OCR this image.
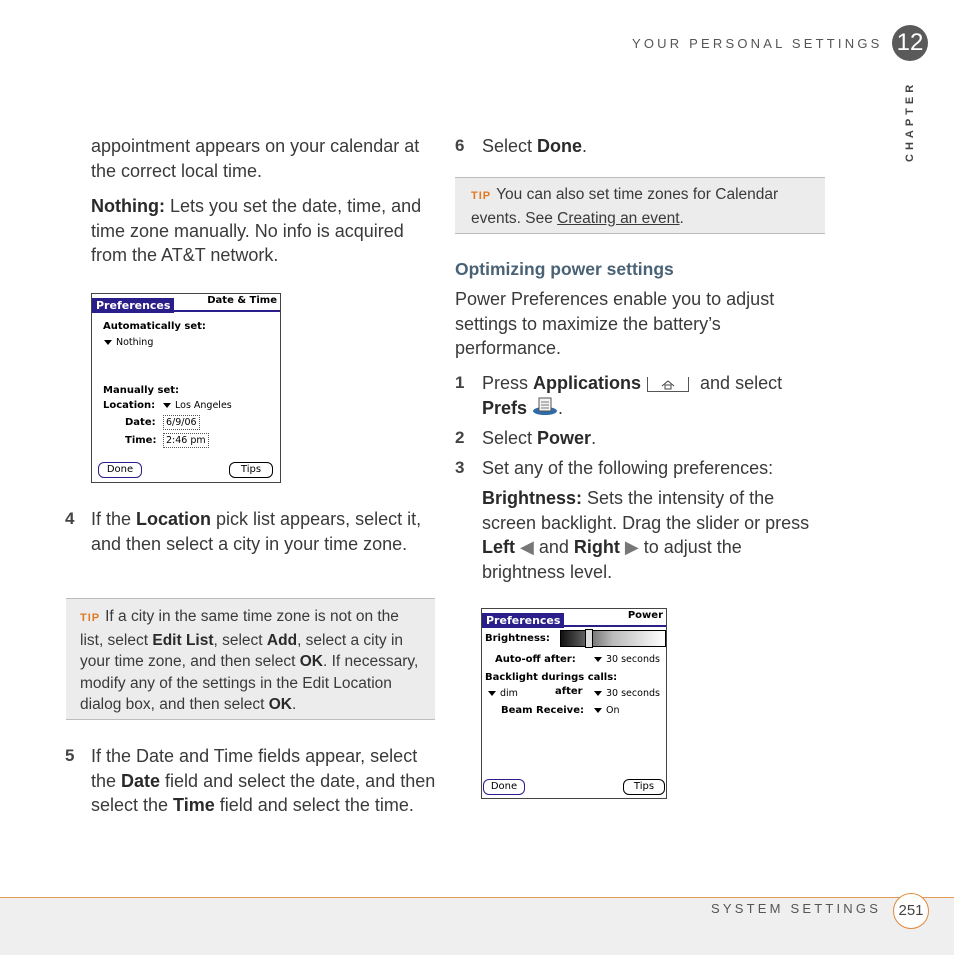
YOUR PERSONAL SETTINGS 12
CHAPTER
appointment appears on your calendar at the correct local time.
Nothing: Lets you set the date, time, and time zone manually. No info is acquired from the AT&T network.
Preferences	Date & Time
Automatically set:
Nothing
Manually set:
Location:	Los Angeles
Date:	6/9/06
Time:	2:46 pm
Done	Tips
4 If the Location pick list appears, select it, and then select a city in your time zone.
TIP If a city in the same time zone is not on the list, select Edit List, select Add, select a city in your time zone, and then select OK. If necessary, modify any of the settings in the Edit Location dialog box, and then select OK.
5 If the Date and Time fields appear, select the Date field and select the date, and then select the Time field and select the time.
6 Select Done.
TIP You can also set time zones for Calendar events. See Creating an event.
Optimizing power settings
Power Preferences enable you to adjust settings to maximize the battery’s performance.
1 Press Applications	and select
Prefs .
2 Select Power.
3 Set any of the following preferences:
Brightness: Sets the intensity of the screen backlight. Drag the slider or press Left ◀ and Right ▶ to adjust the brightness level.
Preferences	Power
Brightness:
Auto-off after:	30 seconds
Backlight durings calls:
dim	after	30 seconds
Beam Receive:	On
Done	Tips
SYSTEM SETTINGS	251
